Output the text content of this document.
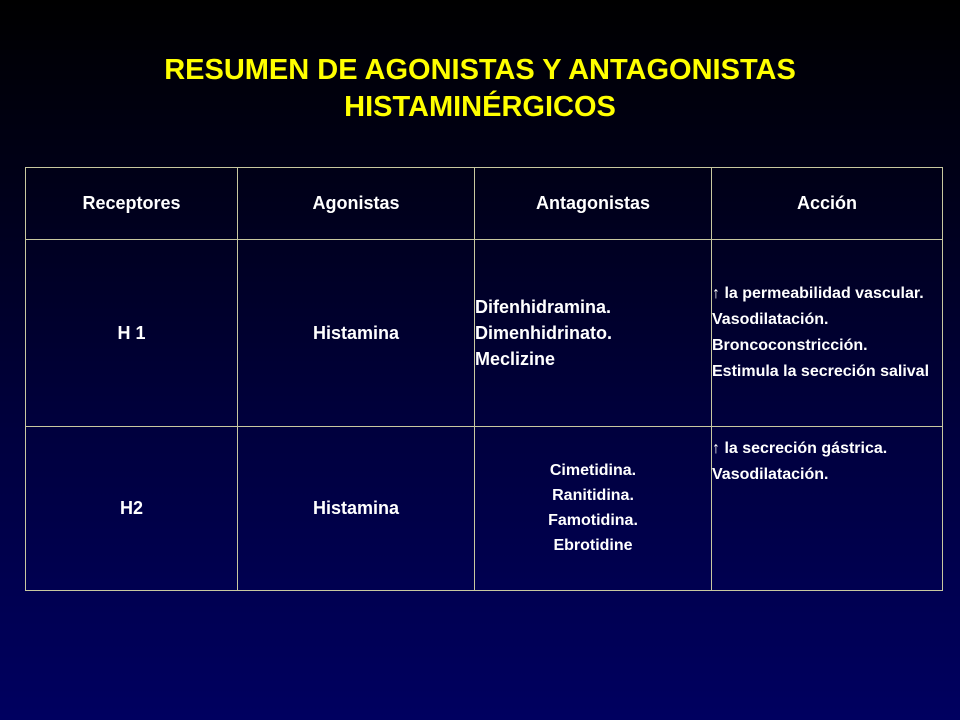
RESUMEN DE AGONISTAS Y ANTAGONISTAS
HISTAMINÉRGICOS
Receptores	Agonistas	Antagonistas	Acción
H 1	Histamina	Difenhidramina.
Dimenhidrinato.
Meclizine	↑ la permeabilidad vascular.
Vasodilatación.
Broncoconstricción.
Estimula la secreción salival

H2	Histamina	Cimetidina.
Ranitidina.
Famotidina.
Ebrotidine	↑ la secreción gástrica.
Vasodilatación.
